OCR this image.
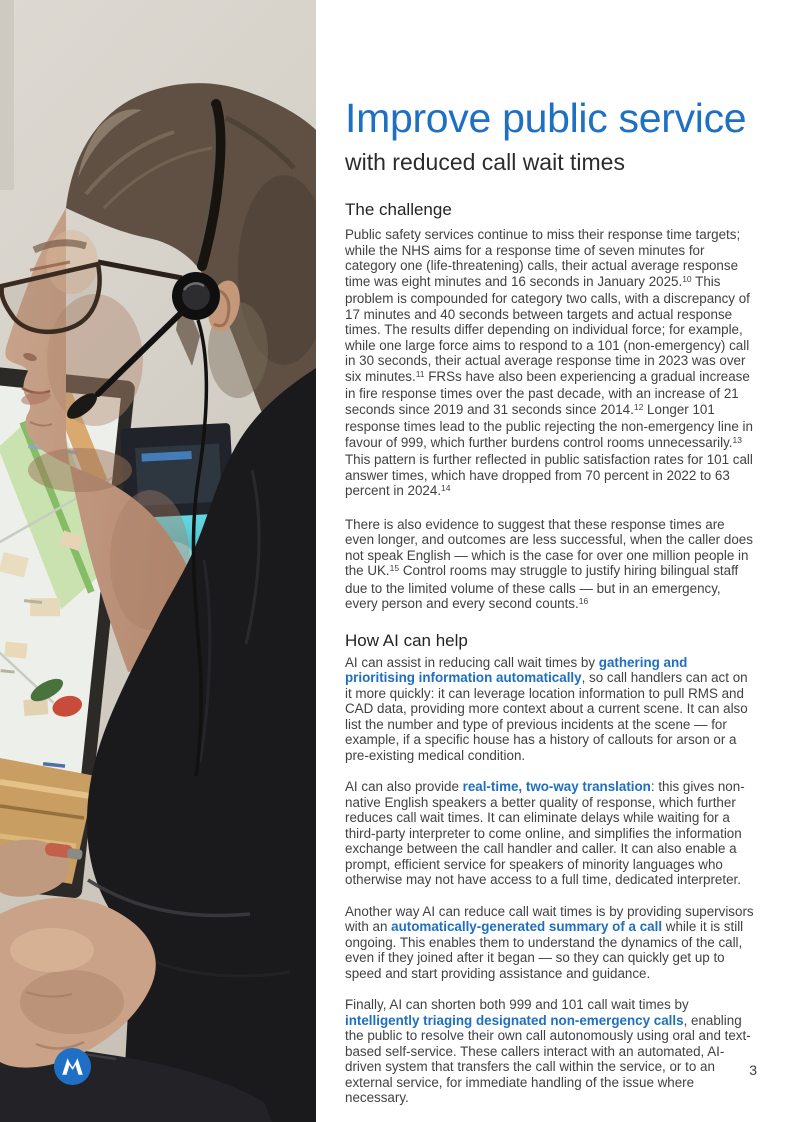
Improve public service
with reduced call wait times
The challenge

Public safety services continue to miss their response time targets; while the NHS aims for a response time of seven minutes for category one (life-threatening) calls, their actual average response time was eight minutes and 16 seconds in January 2025.10 This problem is compounded for category two calls, with a discrepancy of 17 minutes and 40 seconds between targets and actual response times. The results differ depending on individual force; for example, while one large force aims to respond to a 101 (non-emergency) call in 30 seconds, their actual average response time in 2023 was over six minutes.$^{11}$ FRSs have also been experiencing a gradual increase in fire response times over the past decade, with an increase of 21 seconds since 2019 and 31 seconds since 2014.12 Longer 101 response times lead to the public rejecting the non-emergency line in favour of 999, which further burdens control rooms unnecessarily.$^{13}$ This pattern is further reflected in public satisfaction rates for 101 call answer times, which have dropped from 70 percent in 2022 to 63 percent in 2024.14

There is also evidence to suggest that these response times are even longer, and outcomes are less successful, when the caller does not speak English — which is the case for over one million people in the UK.$^{15}$ Control rooms may struggle to justify hiring bilingual staff due to the limited volume of these calls — but in an emergency, every person and every second counts.$^{16}$

How AI can help

AI can assist in reducing call wait times by gathering and prioritising information automatically, so call handlers can act on it more quickly: it can leverage location information to pull RMS and CAD data, providing more context about a current scene. It can also list the number and type of previous incidents at the scene — for example, if a specific house has a history of callouts for arson or a pre-existing medical condition.

AI can also provide real-time, two-way translation: this gives non-native English speakers a better quality of response, which further reduces call wait times. It can eliminate delays while waiting for a third-party interpreter to come online, and simplifies the information exchange between the call handler and caller. It can also enable a prompt, efficient service for speakers of minority languages who otherwise may not have access to a full time, dedicated interpreter.

Another way AI can reduce call wait times is by providing supervisors with an automatically-generated summary of a call while it is still ongoing. This enables them to understand the dynamics of the call, even if they joined after it began — so they can quickly get up to speed and start providing assistance and guidance.

Finally, AI can shorten both 999 and 101 call wait times by intelligently triaging designated non-emergency calls, enabling the public to resolve their own call autonomously using oral and text-based self-service. These callers interact with an automated, AI-driven system that transfers the call within the service, or to an external service, for immediate handling of the issue where necessary.

3
